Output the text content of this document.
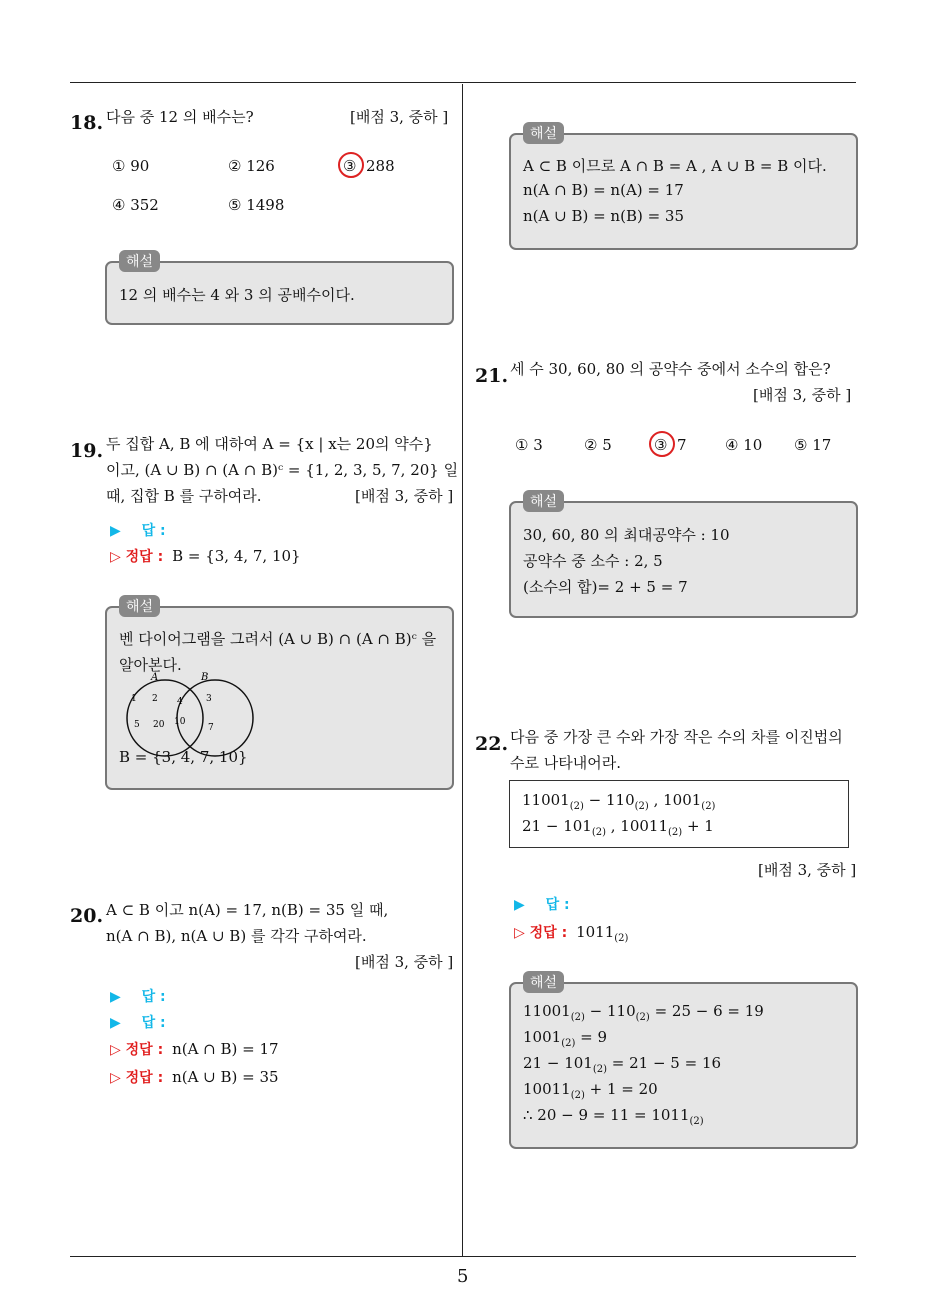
5
18. 다음 중 12 의 배수는?	[배점 3, 중하 ]
① 90	② 126	③ 288
④ 352	⑤ 1498
12 의 배수는 4 와 3 의 공배수이다.
해설
19. 두 집합 A, B 에 대하여 A = {x | x는 20의 약수}
이고, (A ∪ B) ∩ (A ∩ B)ᶜ = {1, 2, 3, 5, 7, 20} 일
때, 집합 B 를 구하여라.	[배점 3, 중하 ]
▶ 답 :
▷ 정답 : B = {3, 4, 7, 10}
벤 다이어그램을 그려서 (A ∪ B) ∩ (A ∩ B)ᶜ 을
알아본다.
A	B
1 2
5 20
4
10
3
7
B = {3, 4, 7, 10}
해설
20. A ⊂ B 이고 n(A) = 17, n(B) = 35 일 때,
n(A ∩ B), n(A ∪ B) 를 각각 구하여라.
[배점 3, 중하 ]
▶ 답 :
▶ 답 :
▷ 정답 : n(A ∩ B) = 17
▷ 정답 : n(A ∪ B) = 35
A ⊂ B 이므로 A ∩ B = A , A ∪ B = B 이다.
n(A ∩ B) = n(A) = 17
n(A ∪ B) = n(B) = 35
해설
21. 세 수 30, 60, 80 의 공약수 중에서 소수의 합은?
[배점 3, 중하 ]
① 3	② 5	③ 7	④ 10 ⑤ 17
30, 60, 80 의 최대공약수 : 10
공약수 중 소수 : 2, 5
(소수의 합)= 2 + 5 = 7
해설
22. 다음 중 가장 큰 수와 가장 작은 수의 차를 이진법의
수로 나타내어라.
$11001_{(2)} - 110_{(2)}$ , $1001_{(2)}$
$21 - 101_{(2)}$ , $10011_{(2)} + 1$
[배점 3, 중하 ]
▶ 답 :
▷ 정답 : $1011_{(2)}$
$11001_{(2)} - 110_{(2)} = 25 - 6 = 19$
$1001_{(2)} = 9$
$21 - 101_{(2)} = 21 - 5 = 16$
$10011_{(2)} + 1 = 20$
∴ $20 - 9 = 11 = 1011_{(2)}$
해설
